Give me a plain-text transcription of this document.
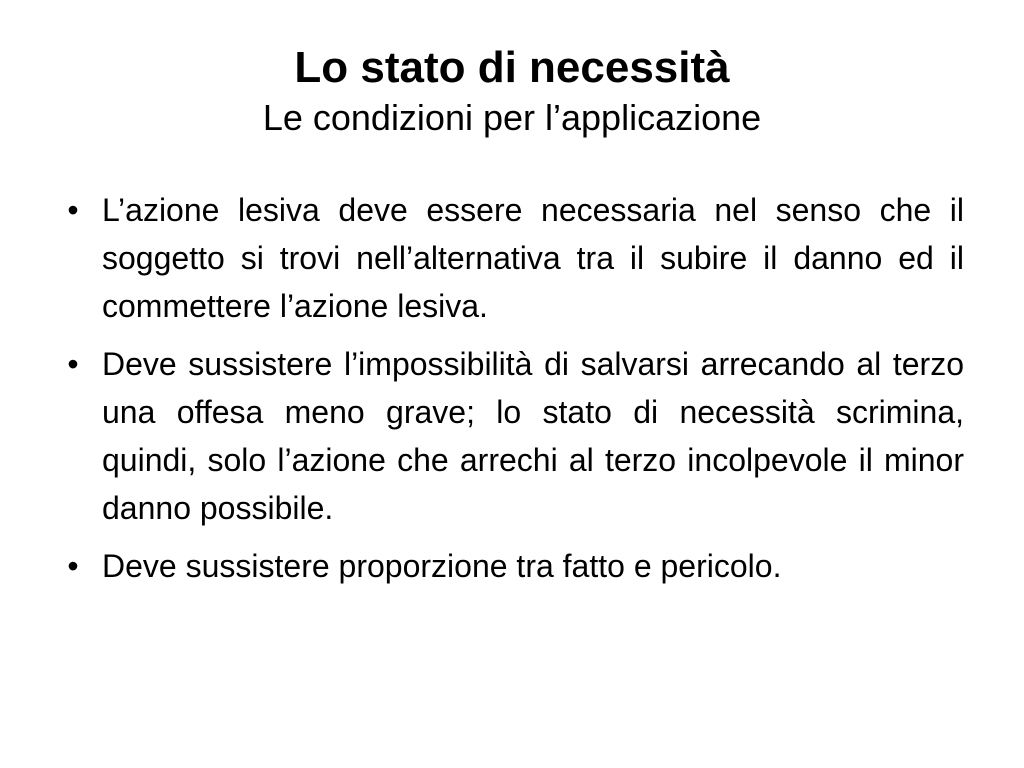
Lo stato di necessità

Le condizioni per l’applicazione

• L’azione lesiva deve essere necessaria nel senso che il soggetto si trovi nell’alternativa tra il subire il danno ed il commettere l’azione lesiva.
• Deve sussistere l’impossibilità di salvarsi arrecando al terzo una offesa meno grave; lo stato di necessità scrimina, quindi, solo l’azione che arrechi al terzo incolpevole il minor danno possibile.
• Deve sussistere proporzione tra fatto e pericolo.
